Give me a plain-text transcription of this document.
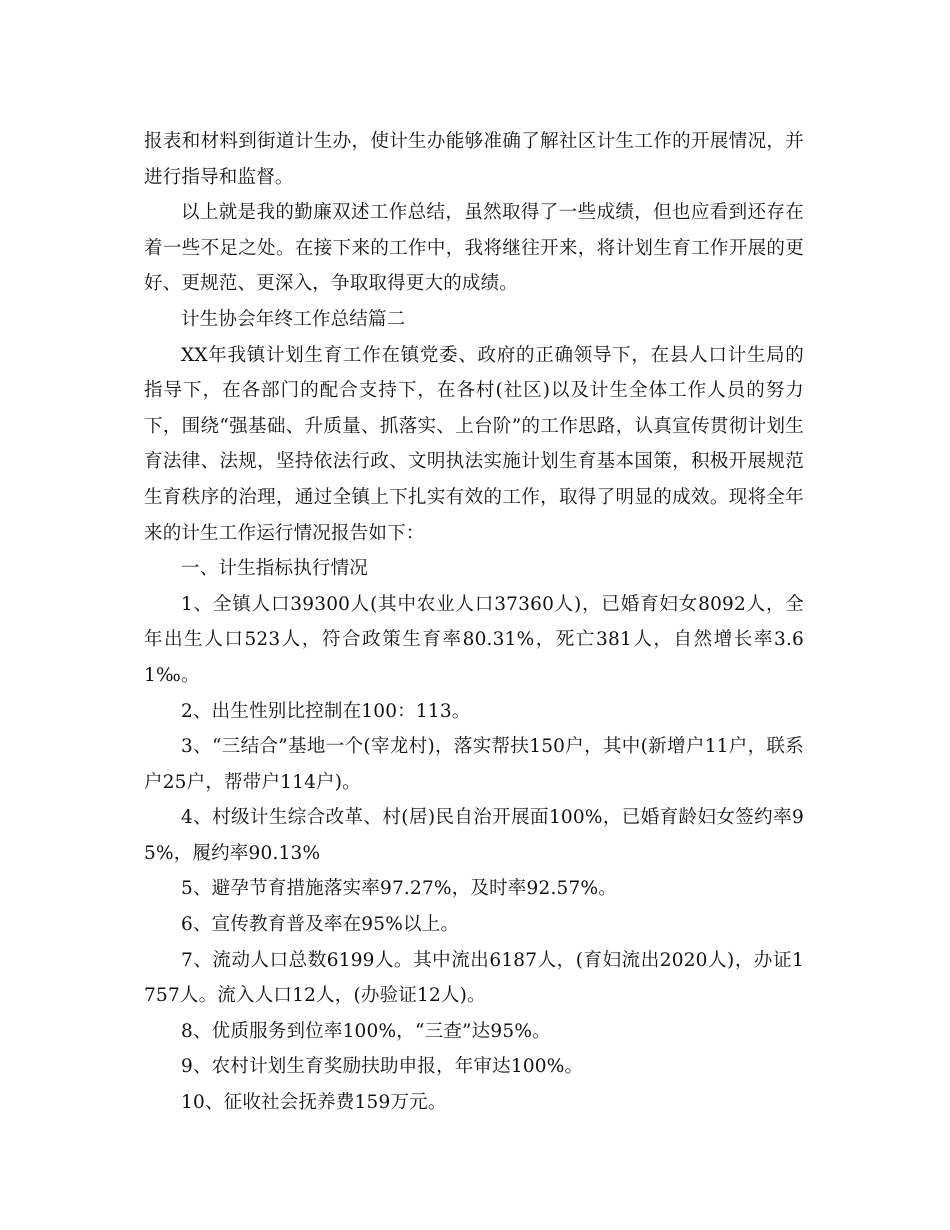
报表和材料到街道计生办，使计生办能够准确了解社区计生工作的开展情况，并进行指导和监督。

以上就是我的勤廉双述工作总结，虽然取得了一些成绩，但也应看到还存在着一些不足之处。在接下来的工作中，我将继往开来，将计划生育工作开展的更好、更规范、更深入，争取取得更大的成绩。

计生协会年终工作总结篇二

XX年我镇计划生育工作在镇党委、政府的正确领导下，在县人口计生局的指导下，在各部门的配合支持下，在各村(社区)以及计生全体工作人员的努力下，围绕“强基础、升质量、抓落实、上台阶”的工作思路，认真宣传贯彻计划生育法律、法规，坚持依法行政、文明执法实施计划生育基本国策，积极开展规范生育秩序的治理，通过全镇上下扎实有效的工作，取得了明显的成效。现将全年来的计生工作运行情况报告如下：

一、计生指标执行情况

1、全镇人口39300人(其中农业人口37360人)，已婚育妇女8092人，全年出生人口523人，符合政策生育率80.31%，死亡381人，自然增长率3.61‰。

2、出生性别比控制在100：113。

3、“三结合”基地一个(宰龙村)，落实帮扶150户，其中(新增户11户，联系户25户，帮带户114户)。

4、村级计生综合改革、村(居)民自治开展面100%，已婚育龄妇女签约率95%，履约率90.13%

5、避孕节育措施落实率97.27%，及时率92.57%。

6、宣传教育普及率在95%以上。

7、流动人口总数6199人。其中流出6187人，(育妇流出2020人)，办证1757人。流入人口12人，(办验证12人)。

8、优质服务到位率100%，“三查”达95%。

9、农村计划生育奖励扶助申报，年审达100%。

10、征收社会抚养费159万元。
